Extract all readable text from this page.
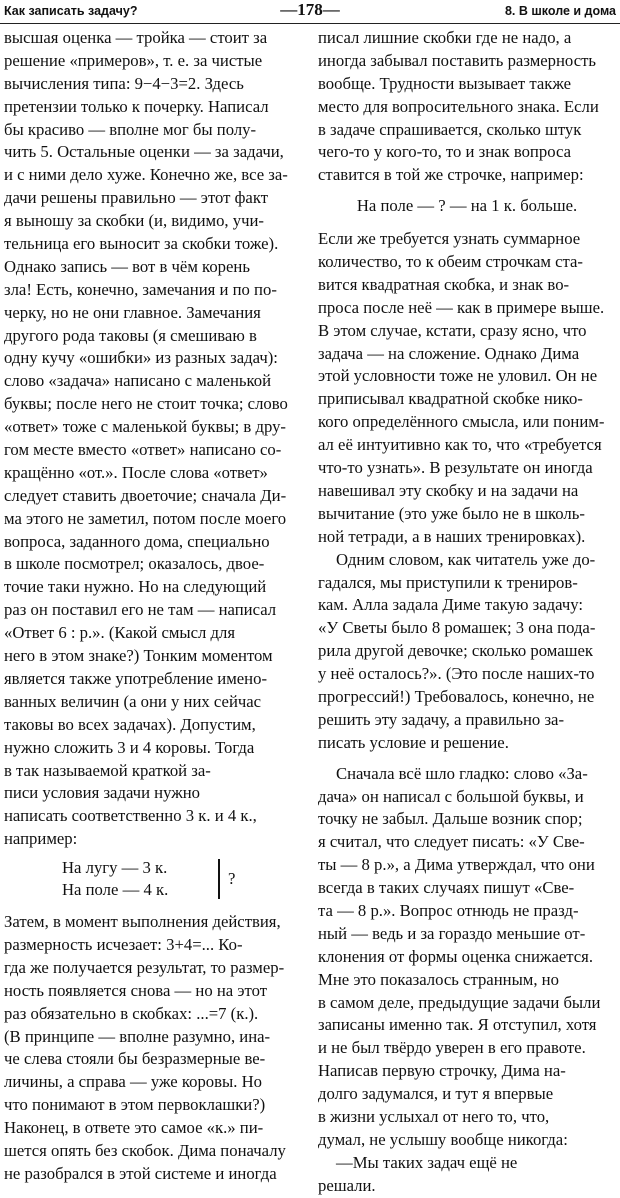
Как записать задачу?	—178—	8. В школе и дома
высшая оценка — тройка — стоит за
решение «примеров», т. е. за чистые
вычисления типа: 9−4−3=2. Здесь
претензии только к почерку. Написал
бы красиво — вполне мог бы полу-
чить 5. Остальные оценки — за задачи,
и с ними дело хуже. Конечно же, все за-
дачи решены правильно — этот факт
я выношу за скобки (и, видимо, учи-
тельница его выносит за скобки тоже).
Однако запись — вот в чём корень
зла! Есть, конечно, замечания и по по-
черку, но не они главное. Замечания
другого рода таковы (я смешиваю в
одну кучу «ошибки» из разных задач):
слово «задача» написано с маленькой
буквы; после него не стоит точка; слово
«ответ» тоже с маленькой буквы; в дру-
гом месте вместо «ответ» написано со-
кращённо «от.». После слова «ответ»
следует ставить двоеточие; сначала Ди-
ма этого не заметил, потом после моего
вопроса, заданного дома, специально
в школе посмотрел; оказалось, двое-
точие таки нужно. Но на следующий
раз он поставил его не там — написал
«Ответ 6 : р.». (Какой смысл для
него в этом знаке?) Тонким моментом
является также употребление имено-
ванных величин (а они у них сейчас
таковы во всех задачах). Допустим,
нужно сложить 3 и 4 коровы. Тогда
в так называемой краткой за-
писи условия задачи нужно
написать соответственно 3 к. и 4 к.,
например:
На лугу — 3 к.
На поле — 4 к.
?
Затем, в момент выполнения действия,
размерность исчезает: 3+4=... Ко-
гда же получается результат, то размер-
ность появляется снова — но на этот
раз обязательно в скобках: ...=7 (к.).
(В принципе — вполне разумно, ина-
че слева стояли бы безразмерные ве-
личины, а справа — уже коровы. Но
что понимают в этом первоклашки?)
Наконец, в ответе это самое «к.» пи-
шется опять без скобок. Дима поначалу
не разобрался в этой системе и иногда
писал лишние скобки где не надо, а
иногда забывал поставить размерность
вообще. Трудности вызывает также
место для вопросительного знака. Если
в задаче спрашивается, сколько штук
чего-то у кого-то, то и знак вопроса
ставится в той же строчке, например:
На поле — ? — на 1 к. больше.
Если же требуется узнать суммарное
количество, то к обеим строчкам ста-
вится квадратная скобка, и знак во-
проса после неё — как в примере выше.
В этом случае, кстати, сразу ясно, что
задача — на сложение. Однако Дима
этой условности тоже не уловил. Он не
приписывал квадратной скобке нико-
кого определённого смысла, или поним-
ал её интуитивно как то, что «требуется
что-то узнать». В результате он иногда
навешивал эту скобку и на задачи на
вычитание (это уже было не в школь-
ной тетради, а в наших тренировках).
Одним словом, как читатель уже до-
гадался, мы приступили к трениров-
кам. Алла задала Диме такую задачу:
«У Светы было 8 ромашек; 3 она пода-
рила другой девочке; сколько ромашек
у неё осталось?». (Это после наших-то
прогрессий!) Требовалось, конечно, не
решить эту задачу, а правильно за-
писать условие и решение.
Сначала всё шло гладко: слово «За-
дача» он написал с большой буквы, и
точку не забыл. Дальше возник спор;
я считал, что следует писать: «У Све-
ты — 8 р.», а Дима утверждал, что они
всегда в таких случаях пишут «Све-
та — 8 р.». Вопрос отнюдь не празд-
ный — ведь и за гораздо меньшие от-
клонения от формы оценка снижается.
Мне это показалось странным, но
в самом деле, предыдущие задачи были
записаны именно так. Я отступил, хотя
и не был твёрдо уверен в его правоте.
Написав первую строчку, Дима на-
долго задумался, и тут я впервые
в жизни услыхал от него то, что,
думал, не услышу вообще никогда:
—Мы таких задач ещё не
решали.
